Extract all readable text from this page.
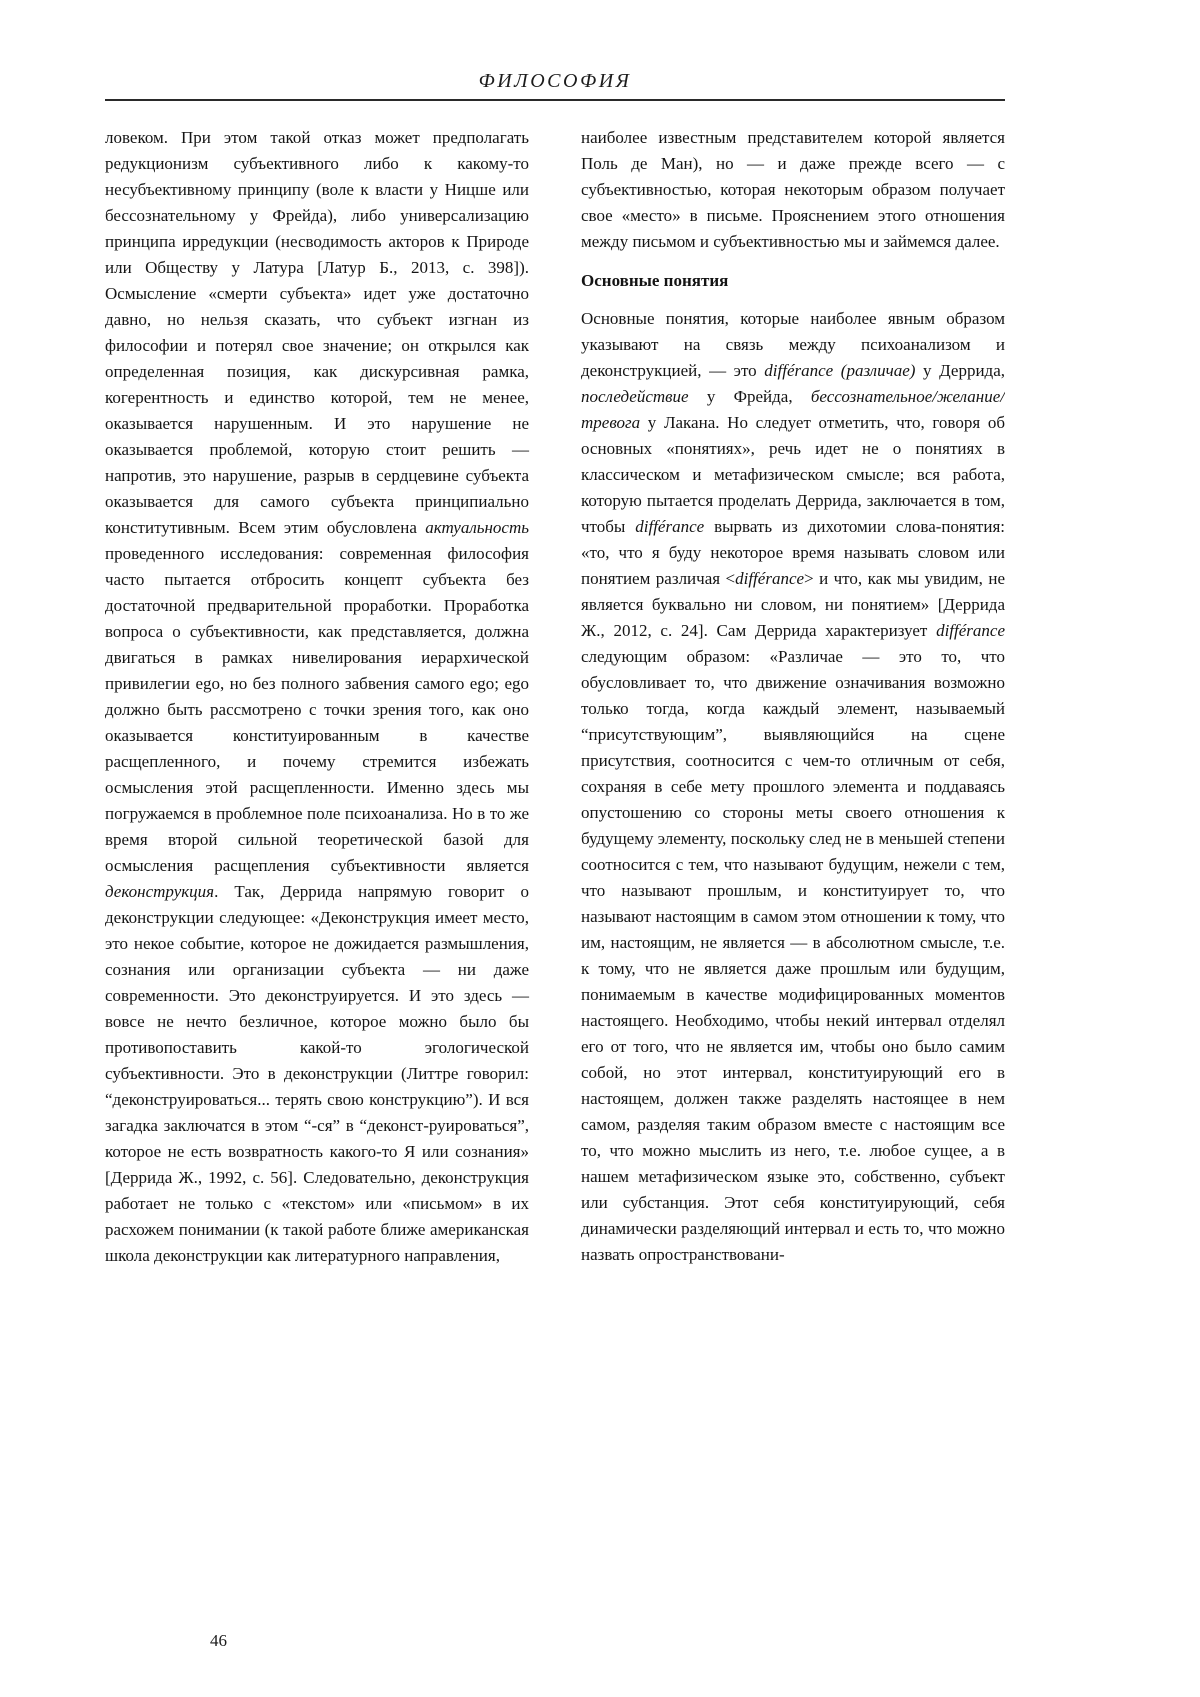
ФИЛОСОФИЯ

ловеком. При этом такой отказ может предполагать редукционизм субъективного либо к какому-то несубъективному принципу (воле к власти у Ницше или бессознательному у Фрейда), либо универсализацию принципа ирредукции (несводимость акторов к Природе или Обществу у Латура [Латур Б., 2013, с. 398]). Осмысление «смерти субъекта» идет уже достаточно давно, но нельзя сказать, что субъект изгнан из философии и потерял свое значение; он открылся как определенная позиция, как дискурсивная рамка, когерентность и единство которой, тем не менее, оказывается нарушенным. И это нарушение не оказывается проблемой, которую стоит решить — напротив, это нарушение, разрыв в сердцевине субъекта оказывается для самого субъекта принципиально конститутивным. Всем этим обусловлена актуальность проведенного исследования: современная философия часто пытается отбросить концепт субъекта без достаточной предварительной проработки. Проработка вопроса о субъективности, как представляется, должна двигаться в рамках нивелирования иерархической привилегии ego, но без полного забвения самого ego; ego должно быть рассмотрено с точки зрения того, как оно оказывается конституированным в качестве расщепленного, и почему стремится избежать осмысления этой расщепленности. Именно здесь мы погружаемся в проблемное поле психоанализа. Но в то же время второй сильной теоретической базой для осмысления расщепления субъективности является деконструкция. Так, Деррида напрямую говорит о деконструкции следующее: «Деконструкция имеет место, это некое событие, которое не дожидается размышления, сознания или организации субъекта — ни даже современности. Это деконструируется. И это здесь — вовсе не нечто безличное, которое можно было бы противопоставить какой-то эгологической субъективности. Это в деконструкции (Литтре говорил: “деконструироваться... терять свою конструкцию”). И вся загадка заключатся в этом “-ся” в “деконст-руироваться”, которое не есть возвратность какого-то Я или сознания» [Деррида Ж., 1992, с. 56]. Следовательно, деконструкция работает не только с «текстом» или «письмом» в их расхожем понимании (к такой работе ближе американская школа деконструкции как литературного направления,

наиболее известным представителем которой является Поль де Ман), но — и даже прежде всего — с субъективностью, которая некоторым образом получает свое «место» в письме. Прояснением этого отношения между письмом и субъективностью мы и займемся далее.

Основные понятия

Основные понятия, которые наиболее явным образом указывают на связь между психоанализом и деконструкцией, — это différance (различае) у Деррида, последействие у Фрейда, бессознательное/желание/тревога у Лакана. Но следует отметить, что, говоря об основных «понятиях», речь идет не о понятиях в классическом и метафизическом смысле; вся работа, которую пытается проделать Деррида, заключается в том, чтобы différance вырвать из дихотомии слова-понятия: «то, что я буду некоторое время называть словом или понятием различая <différance> и что, как мы увидим, не является буквально ни словом, ни понятием» [Деррида Ж., 2012, с. 24]. Сам Деррида характеризует différance следующим образом: «Различае — это то, что обусловливает то, что движение означивания возможно только тогда, когда каждый элемент, называемый “присутствующим”, выявляющийся на сцене присутствия, соотносится с чем-то отличным от себя, сохраняя в себе мету прошлого элемента и поддаваясь опустошению со стороны меты своего отношения к будущему элементу, поскольку след не в меньшей степени соотносится с тем, что называют будущим, нежели с тем, что называют прошлым, и конституирует то, что называют настоящим в самом этом отношении к тому, что им, настоящим, не является — в абсолютном смысле, т.е. к тому, что не является даже прошлым или будущим, понимаемым в качестве модифицированных моментов настоящего. Необходимо, чтобы некий интервал отделял его от того, что не является им, чтобы оно было самим собой, но этот интервал, конституирующий его в настоящем, должен также разделять настоящее в нем самом, разделяя таким образом вместе с настоящим все то, что можно мыслить из него, т.е. любое сущее, а в нашем метафизическом языке это, собственно, субъект или субстанция. Этот себя конституирующий, себя динамически разделяющий интервал и есть то, что можно назвать опространствовани-

46
